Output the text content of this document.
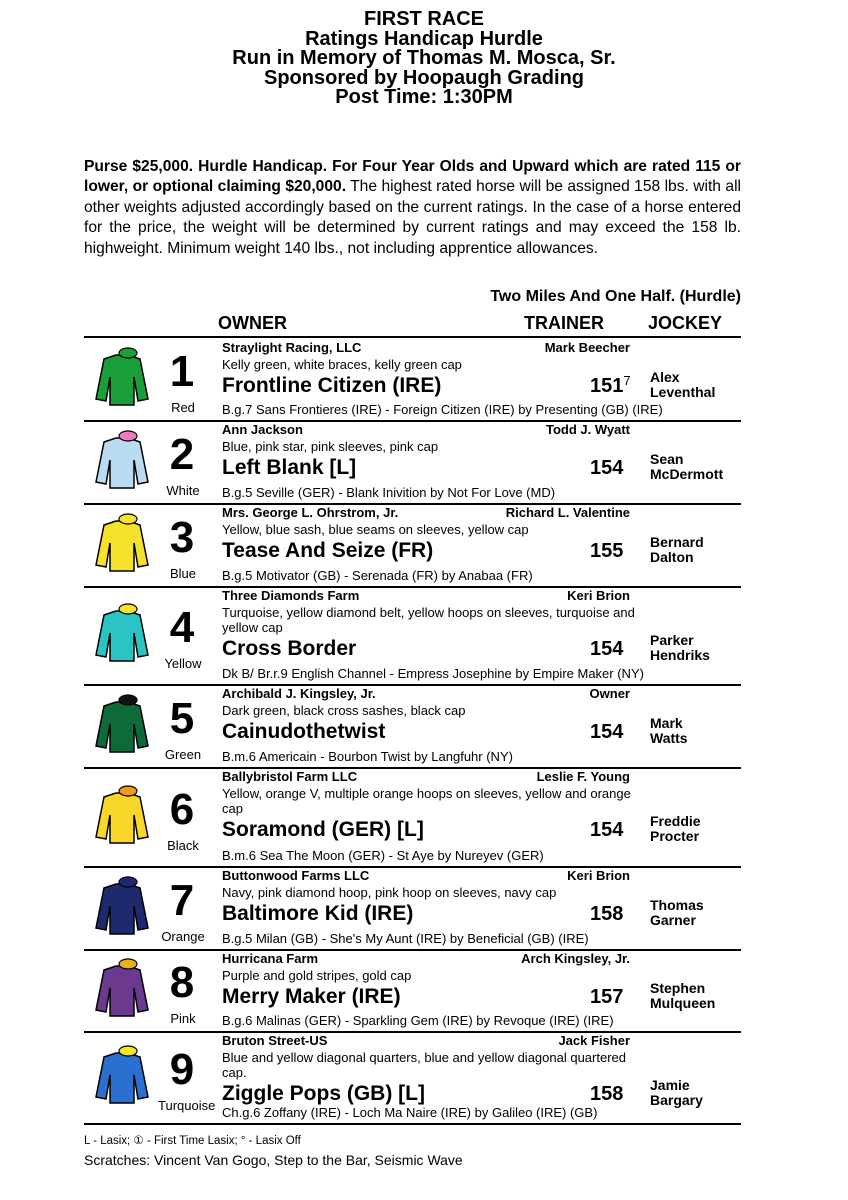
FIRST RACE
Ratings Handicap Hurdle
Run in Memory of Thomas M. Mosca, Sr.
Sponsored by Hoopaugh Grading
Post Time: 1:30PM
Purse $25,000. Hurdle Handicap. For Four Year Olds and Upward which are rated 115 or lower, or optional claiming $20,000. The highest rated horse will be assigned 158 lbs. with all other weights adjusted accordingly based on the current ratings. In the case of a horse entered for the price, the weight will be determined by current ratings and may exceed the 158 lb. highweight. Minimum weight 140 lbs., not including apprentice allowances.
Two Miles And One Half. (Hurdle)
OWNER	TRAINER JOCKEY
1
Red
Straylight Racing, LLC	Mark Beecher
Kelly green, white braces, kelly green cap
Frontline Citizen (IRE)	$151^7$ Alex
Leventhal
B.g.7 Sans Frontieres (IRE) - Foreign Citizen (IRE) by Presenting (GB) (IRE)
2
White
Ann Jackson	Todd J. Wyatt
Blue, pink star, pink sleeves, pink cap
Left Blank [L]	154 Sean
McDermott
B.g.5 Seville (GER) - Blank Inivition by Not For Love (MD)
3
Blue
Mrs. George L. Ohrstrom, Jr.	Richard L. Valentine
Yellow, blue sash, blue seams on sleeves, yellow cap
Tease And Seize (FR)	155 Bernard
Dalton
B.g.5 Motivator (GB) - Serenada (FR) by Anabaa (FR)
4
Yellow
Three Diamonds Farm	Keri Brion
Turquoise, yellow diamond belt, yellow hoops on sleeves, turquoise and yellow cap
Cross Border	154 Parker
Hendriks
Dk B/ Br.r.9 English Channel - Empress Josephine by Empire Maker (NY)
5
Green
Archibald J. Kingsley, Jr.	Owner
Dark green, black cross sashes, black cap
Cainudothetwist	154 Mark
Watts
B.m.6 Americain - Bourbon Twist by Langfuhr (NY)
6
Black
Ballybristol Farm LLC	Leslie F. Young
Yellow, orange V, multiple orange hoops on sleeves, yellow and orange cap
Soramond (GER) [L]	154 Freddie
Procter
B.m.6 Sea The Moon (GER) - St Aye by Nureyev (GER)
7
Orange
Buttonwood Farms LLC	Keri Brion
Navy, pink diamond hoop, pink hoop on sleeves, navy cap
Baltimore Kid (IRE)	158 Thomas
Garner
B.g.5 Milan (GB) - She's My Aunt (IRE) by Beneficial (GB) (IRE)
8
Pink
Hurricana Farm	Arch Kingsley, Jr.
Purple and gold stripes, gold cap
Merry Maker (IRE)	157 Stephen
Mulqueen
B.g.6 Malinas (GER) - Sparkling Gem (IRE) by Revoque (IRE) (IRE)
9
Turquoise
Bruton Street-US	Jack Fisher
Blue and yellow diagonal quarters, blue and yellow diagonal quartered cap.
Ziggle Pops (GB) [L]	158 Jamie
Bargary
Ch.g.6 Zoffany (IRE) - Loch Ma Naire (IRE) by Galileo (IRE) (GB)
L - Lasix; ① - First Time Lasix; ° - Lasix Off
Scratches: Vincent Van Gogo, Step to the Bar, Seismic Wave
